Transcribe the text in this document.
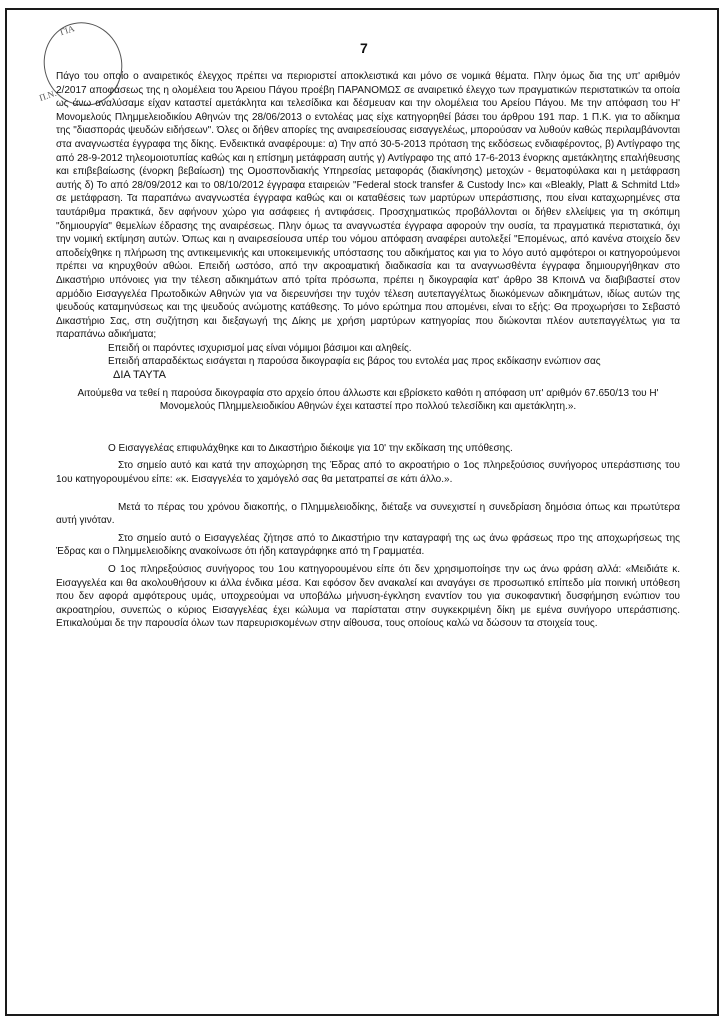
ΓΙΑ
Π.Ν.
7

Πάγο του οποίο ο αναιρετικός έλεγχος πρέπει να περιοριστεί αποκλειστικά και μόνο σε νομικά θέματα. Πλην όμως δια της υπ' αριθμόν 2/2017 αποφάσεως της η ολομέλεια του Άρειου Πάγου προέβη ΠΑΡΑΝΟΜΩΣ σε αναιρετικό έλεγχο των πραγματικών περιστατικών τα οποία ως άνω αναλύσαμε είχαν καταστεί αμετάκλητα και τελεσίδικα και δέσμευαν και την ολομέλεια του Αρείου Πάγου. Με την απόφαση του Η' Μονομελούς Πλημμελειοδικίου Αθηνών της 28/06/2013 ο εντολέας μας είχε κατηγορηθεί βάσει του άρθρου 191 παρ. 1 Π.Κ. για το αδίκημα της "διασποράς ψευδών ειδήσεων". Όλες οι δήθεν απορίες της αναιρεσείουσας εισαγγελέως, μπορούσαν να λυθούν καθώς περιλαμβάνονται στα αναγνωστέα έγγραφα της δίκης. Ενδεικτικά αναφέρουμε: α) Την από 30-5-2013 πρόταση της εκδόσεως ενδιαφέροντος, β) Αντίγραφο της από 28-9-2012 τηλεομοιοτυπίας καθώς και η επίσημη μετάφραση αυτής γ) Αντίγραφο της από 17-6-2013 ένορκης αμετάκλητης επαλήθευσης και επιβεβαίωσης (ένορκη βεβαίωση) της Ομοσπονδιακής Υπηρεσίας μεταφοράς (διακίνησης) μετοχών - θεματοφύλακα και η μετάφραση αυτής δ) Το από 28/09/2012 και το 08/10/2012 έγγραφα εταιρειών "Federal stock transfer & Custody Inc» και «Bleakly, Platt & Schmitd Ltd» σε μετάφραση. Τα παραπάνω αναγνωστέα έγγραφα καθώς και οι καταθέσεις των μαρτύρων υπεράσπισης, που είναι καταχωρημένες στα ταυτάριθμα πρακτικά, δεν αφήνουν χώρο για ασάφειες ή αντιφάσεις. Προσχηματικώς προβάλλονται οι δήθεν ελλείψεις για τη σκόπιμη "δημιουργία" θεμελίων έδρασης της αναιρέσεως. Πλην όμως τα αναγνωστέα έγγραφα αφορούν την ουσία, τα πραγματικά περιστατικά, όχι την νομική εκτίμηση αυτών. Όπως και η αναιρεσείουσα υπέρ του νόμου απόφαση αναφέρει αυτολεξεί "Επομένως, από κανένα στοιχείο δεν αποδείχθηκε η πλήρωση της αντικειμενικής και υποκειμενικής υπόστασης του αδικήματος και για το λόγο αυτό αμφότεροι οι κατηγορούμενοι πρέπει να κηρυχθούν αθώοι. Επειδή ωστόσο, από την ακροαματική διαδικασία και τα αναγνωσθέντα έγγραφα δημιουργήθηκαν στο Δικαστήριο υπόνοιες για την τέλεση αδικημάτων από τρίτα πρόσωπα, πρέπει η δικογραφία κατ' άρθρο 38 ΚποινΔ να διαβιβαστεί στον αρμόδιο Εισαγγελέα Πρωτοδικών Αθηνών για να διερευνήσει την τυχόν τέλεση αυτεπαγγέλτως διωκόμενων αδικημάτων, ιδίως αυτών της ψευδούς καταμηνύσεως και της ψευδούς ανώμοτης κατάθεσης. Το μόνο ερώτημα που απομένει, είναι το εξής: Θα προχωρήσει το Σεβαστό Δικαστήριο Σας, στη συζήτηση και διεξαγωγή της Δίκης με χρήση μαρτύρων κατηγορίας που διώκονται πλέον αυτεπαγγέλτως για τα παραπάνω αδικήματα;

Επειδή οι παρόντες ισχυρισμοί μας είναι νόμιμοι βάσιμοι και αληθείς.

Επειδή απαραδέκτως εισάγεται η παρούσα δικογραφία εις βάρος του εντολέα μας προς εκδίκασην ενώπιον σας

ΔΙΑ ΤΑΥΤΑ

Αιτούμεθα να τεθεί η παρούσα δικογραφία στο αρχείο όπου άλλωστε και εβρίσκετο καθότι η απόφαση υπ' αριθμόν 67.650/13 του Η' Μονομελούς Πλημμελειοδικίου Αθηνών έχει καταστεί προ πολλού τελεσίδικη και αμετάκλητη.».

Ο Εισαγγελέας επιφυλάχθηκε και το Δικαστήριο διέκοψε για 10' την εκδίκαση της υπόθεσης.

Στο σημείο αυτό και κατά την αποχώρηση της Έδρας από το ακροατήριο ο 1ος πληρεξούσιος συνήγορος υπεράσπισης του 1ου κατηγορουμένου είπε: «κ. Εισαγγελέα το χαμόγελό σας θα μετατραπεί σε κάτι άλλο.».

Μετά το πέρας του χρόνου διακοπής, ο Πλημμελειοδίκης, διέταξε να συνεχιστεί η συνεδρίαση δημόσια όπως και πρωτύτερα αυτή γινόταν.

Στο σημείο αυτό ο Εισαγγελέας ζήτησε από το Δικαστήριο την καταγραφή της ως άνω φράσεως προ της αποχωρήσεως της Έδρας και ο Πλημμελειοδίκης ανακοίνωσε ότι ήδη καταγράφηκε από τη Γραμματέα.

Ο 1ος πληρεξούσιος συνήγορος του 1ου κατηγορουμένου είπε ότι δεν χρησιμοποίησε την ως άνω φράση αλλά: «Μειδιάτε κ. Εισαγγελέα και θα ακολουθήσουν κι άλλα ένδικα μέσα. Και εφόσον δεν ανακαλεί και αναγάγει σε προσωπικό επίπεδο μία ποινική υπόθεση που δεν αφορά αμφότερους υμάς, υποχρεούμαι να υποβάλω μήνυση-έγκληση εναντίον του για συκοφαντική δυσφήμηση ενώπιον του ακροατηρίου, συνεπώς ο κύριος Εισαγγελέας έχει κώλυμα να παρίσταται στην συγκεκριμένη δίκη με εμένα συνήγορο υπεράσπισης. Επικαλούμαι δε την παρουσία όλων των παρευρισκομένων στην αίθουσα, τους οποίους καλώ να δώσουν τα στοιχεία τους.
